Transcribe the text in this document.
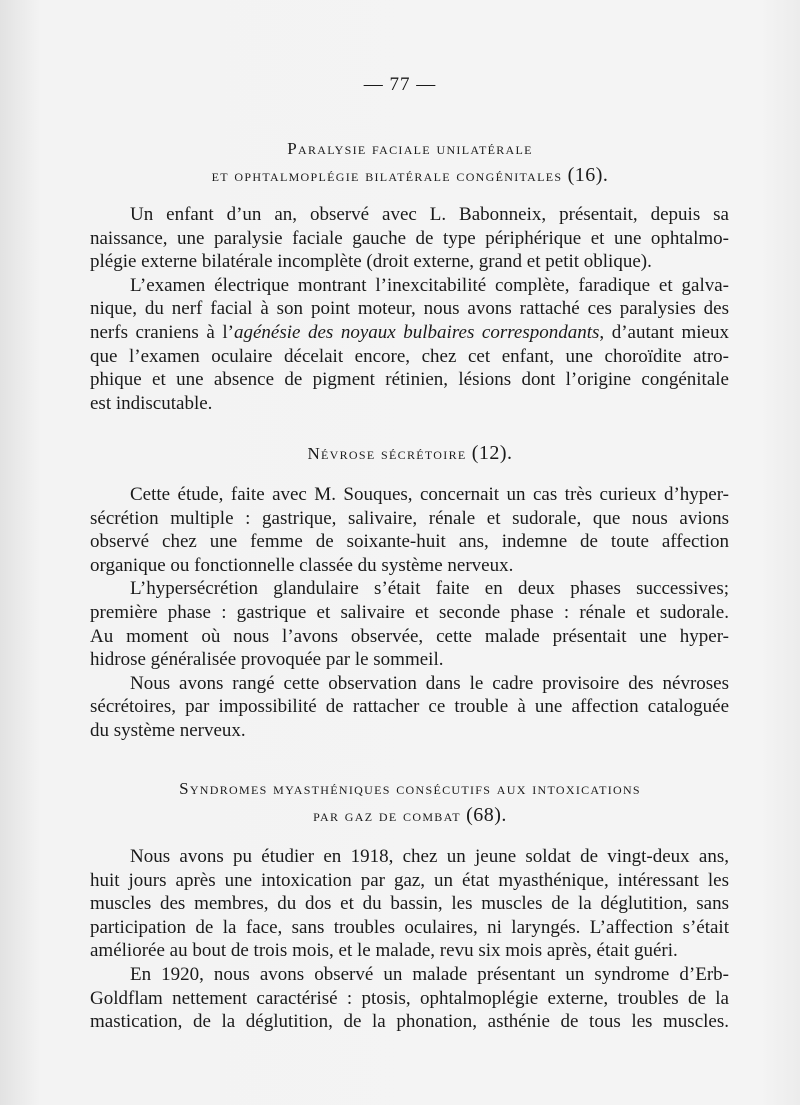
— 77 —
Paralysie faciale unilatérale
et ophtalmoplégie bilatérale congénitales (16).
Un enfant d’un an, observé avec L. Babonneix, présentait, depuis sa
naissance, une paralysie faciale gauche de type périphérique et une ophtalmo-
plégie externe bilatérale incomplète (droit externe, grand et petit oblique).
L’examen électrique montrant l’inexcitabilité complète, faradique et galva-
nique, du nerf facial à son point moteur, nous avons rattaché ces paralysies des
nerfs craniens à l’agénésie des noyaux bulbaires correspondants, d’autant mieux
que l’examen oculaire décelait encore, chez cet enfant, une choroïdite atro-
phique et une absence de pigment rétinien, lésions dont l’origine congénitale
est indiscutable.
Névrose sécrétoire (12).
Cette étude, faite avec M. Souques, concernait un cas très curieux d’hyper-
sécrétion multiple : gastrique, salivaire, rénale et sudorale, que nous avions
observé chez une femme de soixante-huit ans, indemne de toute affection
organique ou fonctionnelle classée du système nerveux.
L’hypersécrétion glandulaire s’était faite en deux phases successives;
première phase : gastrique et salivaire et seconde phase : rénale et sudorale.
Au moment où nous l’avons observée, cette malade présentait une hyper-
hidrose généralisée provoquée par le sommeil.
Nous avons rangé cette observation dans le cadre provisoire des névroses
sécrétoires, par impossibilité de rattacher ce trouble à une affection cataloguée
du système nerveux.
Syndromes myasthéniques consécutifs aux intoxications
par gaz de combat (68).
Nous avons pu étudier en 1918, chez un jeune soldat de vingt-deux ans,
huit jours après une intoxication par gaz, un état myasthénique, intéressant les
muscles des membres, du dos et du bassin, les muscles de la déglutition, sans
participation de la face, sans troubles oculaires, ni laryngés. L’affection s’était
améliorée au bout de trois mois, et le malade, revu six mois après, était guéri.
En 1920, nous avons observé un malade présentant un syndrome d’Erb-
Goldflam nettement caractérisé : ptosis, ophtalmoplégie externe, troubles de la
mastication, de la déglutition, de la phonation, asthénie de tous les muscles.
